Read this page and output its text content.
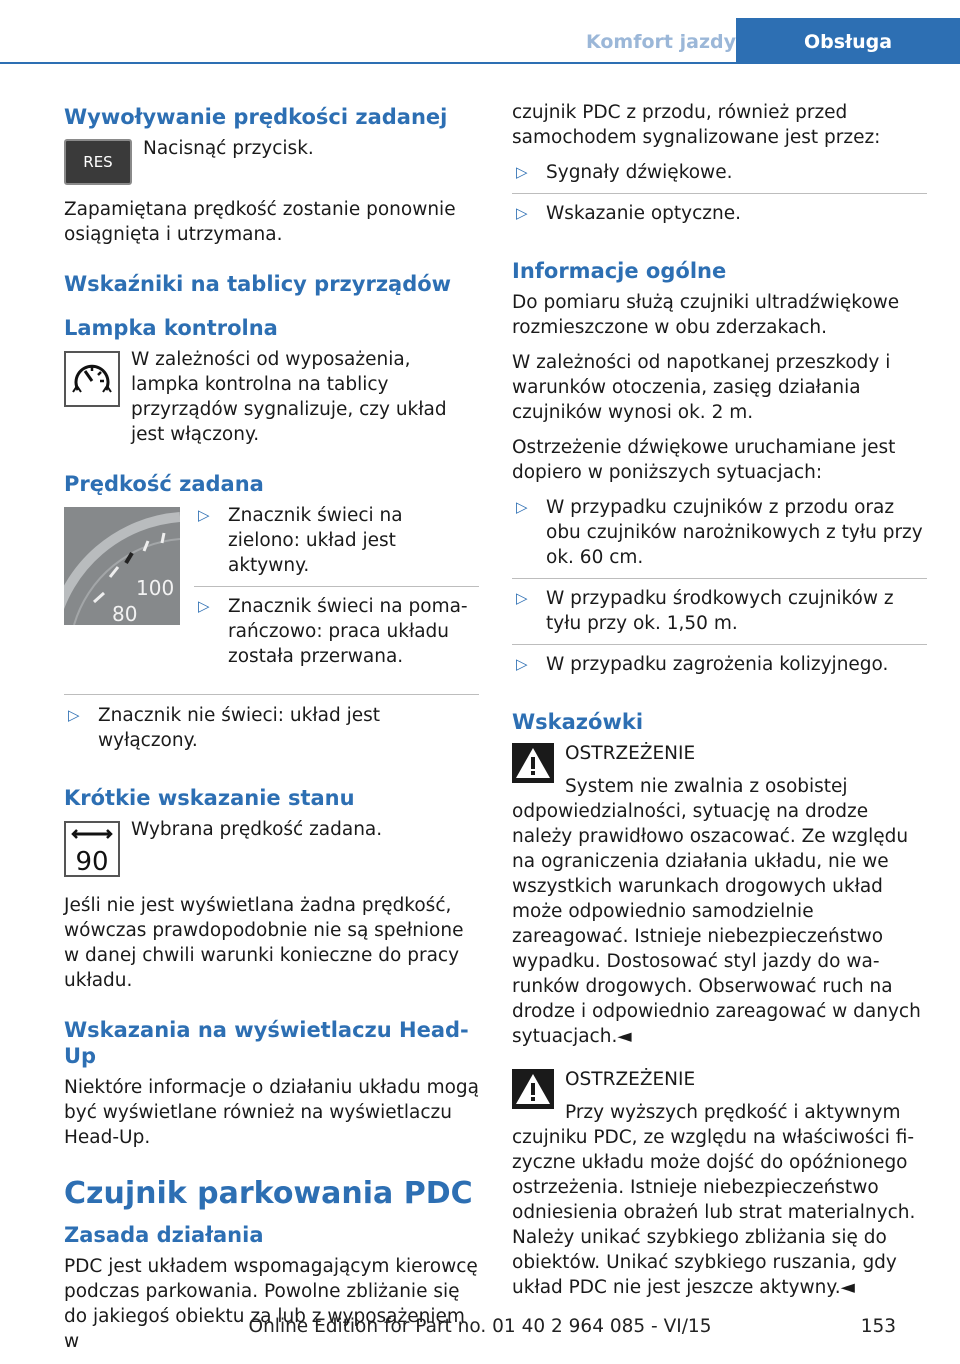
Komfort jazdy	Obsługa
Wywoływanie prędkości zadanej
RES
Nacisnąć przycisk.

Zapamiętana prędkość zostanie ponownie osiągnięta i utrzymana.

Wskaźniki na tablicy przyrządów
Lampka kontrolna
W zależności od wyposażenia, lampka kontrolna na tablicy przyrządów sygnalizuje, czy układ jest włączony.
Prędkość zadana
100
80
▷ Znacznik świeci na zielono: układ jest aktywny.
▷ Znacznik świeci na pomarańczowo: praca układu została przerwana.
▷ Znacznik nie świeci: układ jest wyłączony.
Krótkie wskazanie stanu
90
Wybrana prędkość zadana.

Jeśli nie jest wyświetlana żadna prędkość, wówczas prawdopodobnie nie są spełnione w danej chwili warunki konieczne do pracy układu.

Wskazania na wyświetlaczu Head-Up

Niektóre informacje o działaniu układu mogą być wyświetlane również na wyświetlaczu Head-Up.

Czujnik parkowania PDC
Zasada działania

PDC jest układem wspomagającym kierowcę podczas parkowania. Powolne zbliżanie się do jakiegoś obiektu za lub z wyposażeniem w

czujnik PDC z przodu, również przed samochodem sygnalizowane jest przez:

▷ Sygnały dźwiękowe.
▷ Wskazanie optyczne.
Informacje ogólne

Do pomiaru służą czujniki ultradźwiękowe rozmieszczone w obu zderzakach.

W zależności od napotkanej przeszkody i warunków otoczenia, zasięg działania czujników wynosi ok. 2 m.

Ostrzeżenie dźwiękowe uruchamiane jest dopiero w poniższych sytuacjach:

▷ W przypadku czujników z przodu oraz obu czujników narożnikowych z tyłu przy ok. 60 cm.
▷ W przypadku środkowych czujników z tyłu przy ok. 1,50 m.
▷ W przypadku zagrożenia kolizyjnego.
Wskazówki
OSTRZEŻENIE

System nie zwalnia z osobistej odpowiedzialności, sytuację na drodze należy prawidłowo oszacować. Ze względu na ograniczenia działania układu, nie we wszystkich warunkach drogowych układ może odpowiednio samodzielnie zareagować. Istnieje niebezpieczeństwo wypadku. Dostosować styl jazdy do warunków drogowych. Obserwować ruch na drodze i odpowiednio zareagować w danych sytuacjach.◄

OSTRZEŻENIE

Przy wyższych prędkość i aktywnym czujniku PDC, ze względu na właściwości fizyczne układu może dojść do opóźnionego ostrzeżenia. Istnieje niebezpieczeństwo odniesienia obrażeń lub strat materialnych. Należy unikać szybkiego zbliżania się do obiektów. Unikać szybkiego ruszania, gdy układ PDC nie jest jeszcze aktywny.◄

Online Edition for Part no. 01 40 2 964 085 - VI/15	153
